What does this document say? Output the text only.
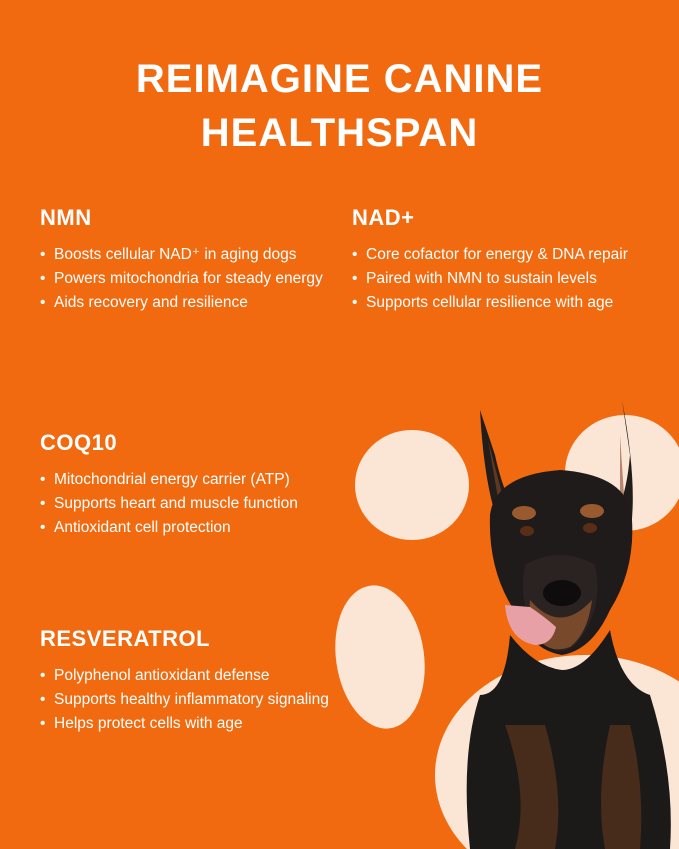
REIMAGINE CANINE
HEALTHSPAN
NMN
• Boosts cellular NAD⁺ in aging dogs
• Powers mitochondria for steady energy
• Aids recovery and resilience
NAD+
• Core cofactor for energy & DNA repair
• Paired with NMN to sustain levels
• Supports cellular resilience with age
COQ10
• Mitochondrial energy carrier (ATP)
• Supports heart and muscle function
• Antioxidant cell protection
RESVERATROL
• Polyphenol antioxidant defense
• Supports healthy inflammatory signaling
• Helps protect cells with age
